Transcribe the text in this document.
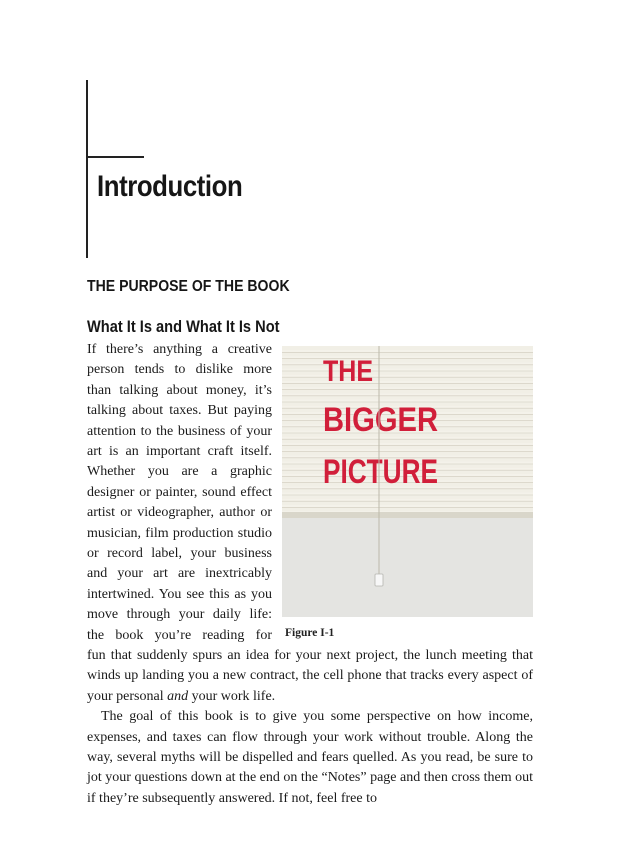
Introduction
THE PURPOSE OF THE BOOK
What It Is and What It Is Not

If there’s anything a creative person tends to dislike more than talking about money, it’s talking about taxes. But paying attention to the business of your art is an important craft itself. Whether you are a graphic designer or painter, sound effect artist or videographer, author or musician, film production studio or record label, your business and your art are inextricably intertwined. You see this as you move through your daily life: the book you’re reading for

THE
BIGGER
PICTURE

Figure I-1

fun that suddenly spurs an idea for your next project, the lunch meeting that winds up landing you a new contract, the cell phone that tracks every aspect of your personal and your work life.

The goal of this book is to give you some perspective on how income, expenses, and taxes can flow through your work without trouble. Along the way, several myths will be dispelled and fears quelled. As you read, be sure to jot your questions down at the end on the “Notes” page and then cross them out if they’re subsequently answered. If not, feel free to
